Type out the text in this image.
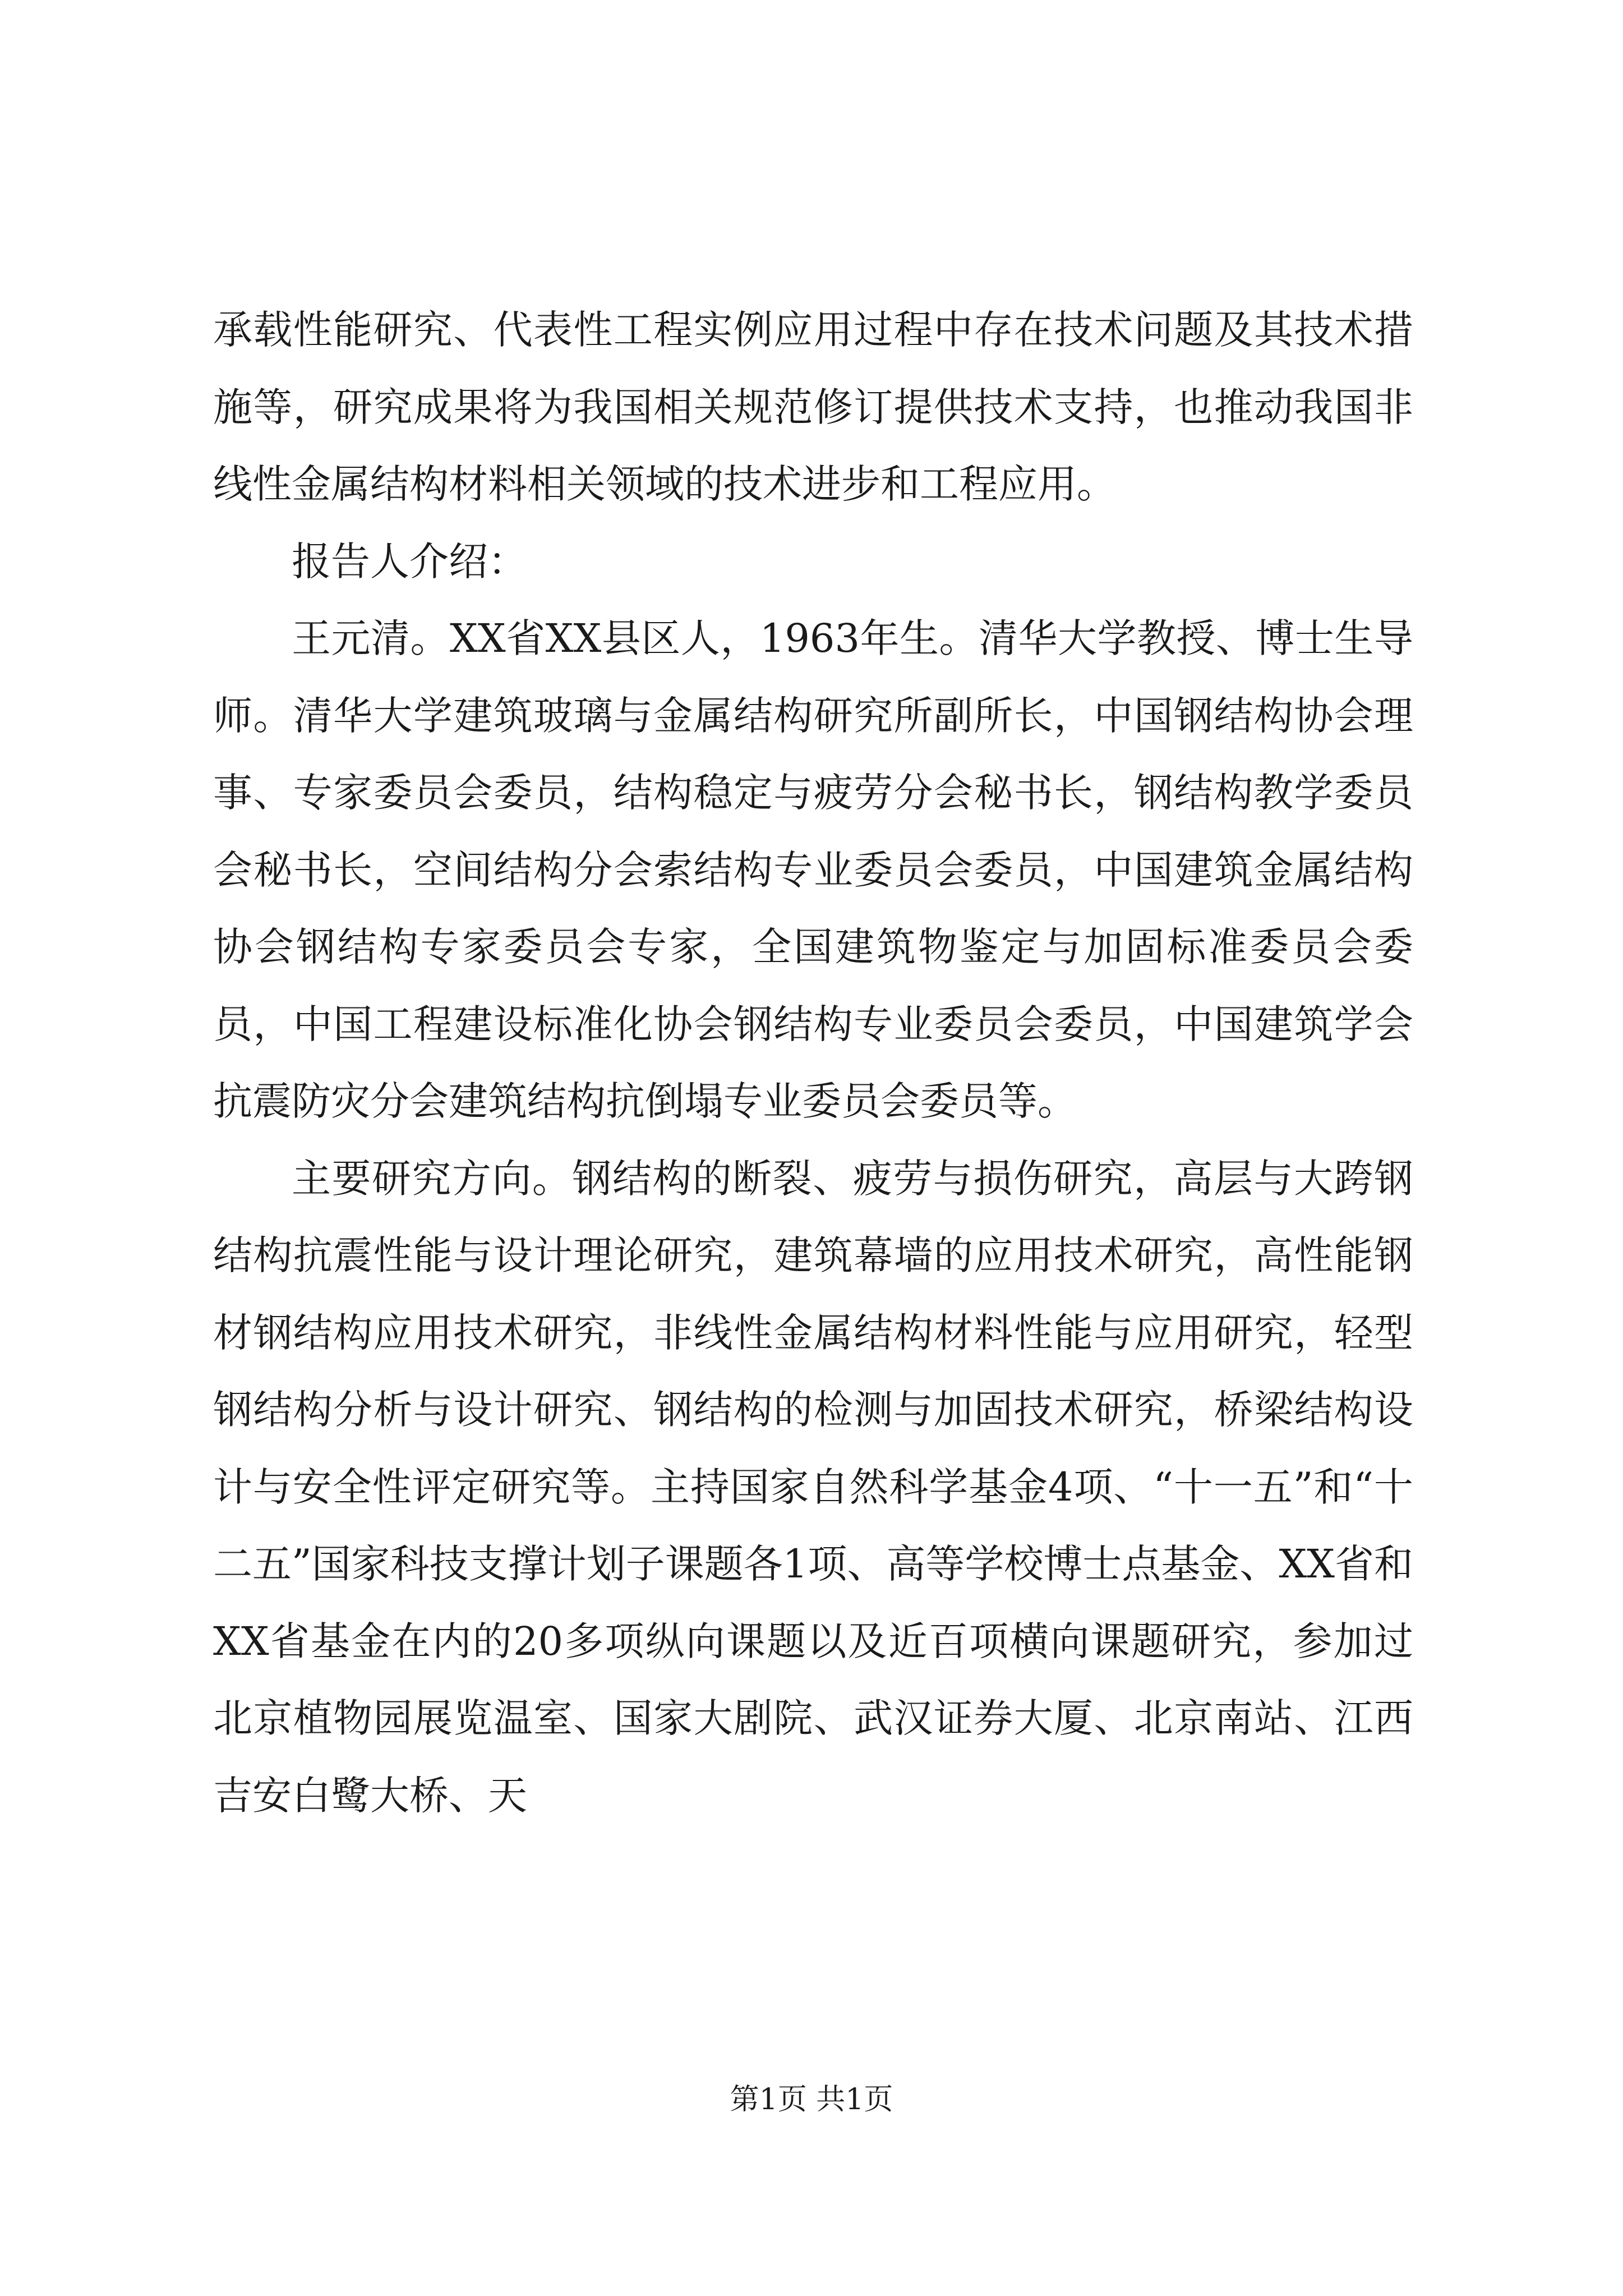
承载性能研究、代表性工程实例应用过程中存在技术问题及其技术措施等，研究成果将为我国相关规范修订提供技术支持，也推动我国非线性金属结构材料相关领域的技术进步和工程应用。

报告人介绍：

王元清。XX省XX县区人，1963年生。清华大学教授、博士生导师。清华大学建筑玻璃与金属结构研究所副所长，中国钢结构协会理事、专家委员会委员，结构稳定与疲劳分会秘书长，钢结构教学委员会秘书长，空间结构分会索结构专业委员会委员，中国建筑金属结构协会钢结构专家委员会专家，全国建筑物鉴定与加固标准委员会委员，中国工程建设标准化协会钢结构专业委员会委员，中国建筑学会抗震防灾分会建筑结构抗倒塌专业委员会委员等。

主要研究方向。钢结构的断裂、疲劳与损伤研究，高层与大跨钢结构抗震性能与设计理论研究，建筑幕墙的应用技术研究，高性能钢材钢结构应用技术研究，非线性金属结构材料性能与应用研究，轻型钢结构分析与设计研究、钢结构的检测与加固技术研究，桥梁结构设计与安全性评定研究等。主持国家自然科学基金4项、“十一五”和“十二五”国家科技支撑计划子课题各1项、高等学校博士点基金、XX省和XX省基金在内的20多项纵向课题以及近百项横向课题研究，参加过北京植物园展览温室、国家大剧院、武汉证券大厦、北京南站、江西吉安白鹭大桥、天

第1页 共1页
